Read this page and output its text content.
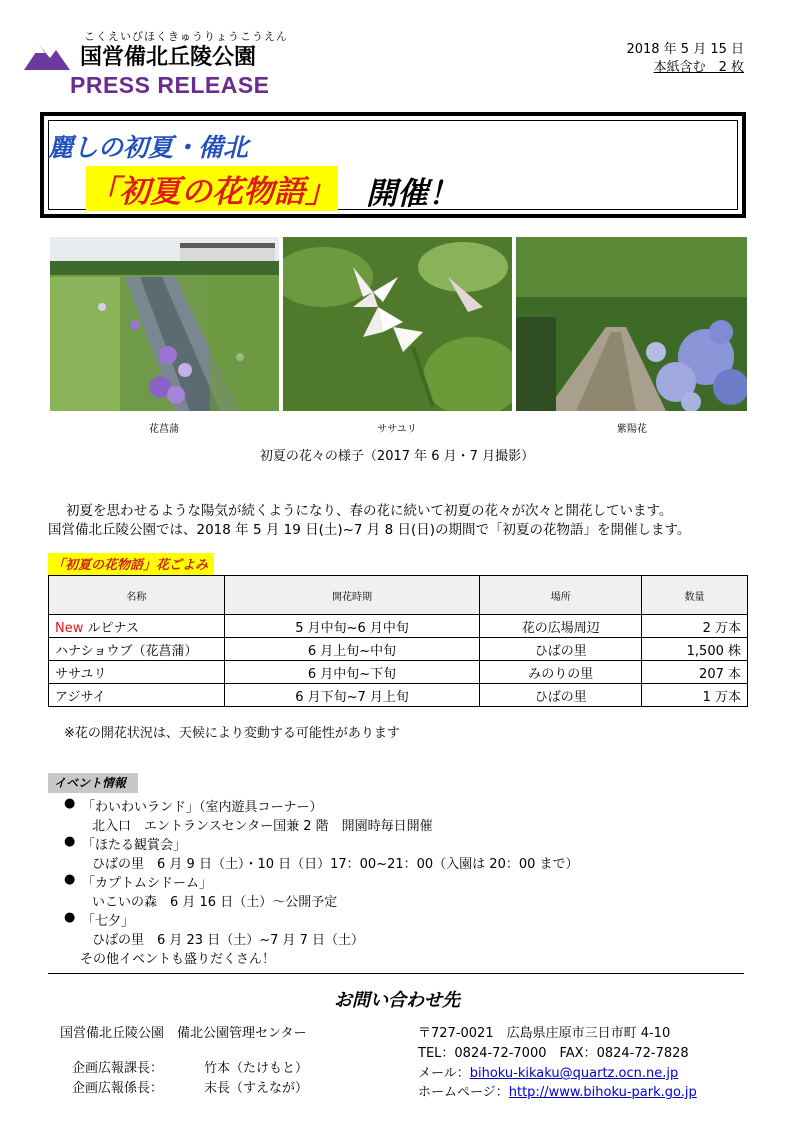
こくえいびほくきゅうりょうこうえん
国営備北丘陵公園
PRESS RELEASE
2018 年 5 月 15 日
本紙含む　2 枚
麗しの初夏・備北
「初夏の花物語」 開催！
花菖蒲	ササユリ	紫陽花
初夏の花々の様子（2017 年 6 月・7 月撮影）
初夏を思わせるような陽気が続くようになり、春の花に続いて初夏の花々が次々と開花しています。
国営備北丘陵公園では、2018 年 5 月 19 日(土)~7 月 8 日(日)の期間で「初夏の花物語」を開催します。
「初夏の花物語」花ごよみ
名称	開花時期	場所	数量
New ルピナス	5 月中旬~6 月中旬	花の広場周辺	2 万本
ハナショウブ（花菖蒲）	6 月上旬~中旬	ひばの里	1,500 株
ササユリ	6 月中旬~下旬	みのりの里	207 本
アジサイ	6 月下旬~7 月上旬	ひばの里	1 万本
※花の開花状況は、天候により変動する可能性があります
イベント情報
● 「わいわいランド」（室内遊具コーナー）
北入口　エントランスセンター国兼 2 階　開園時毎日開催
● 「ほたる観賞会」
ひばの里　6 月 9 日（土）・10 日（日）17：00~21：00（入園は 20：00 まで）
● 「カプトムシドーム」
いこいの森　6 月 16 日（土）～公開予定
● 「七夕」
ひばの里　6 月 23 日（土）~7 月 7 日（土）
その他イベントも盛りだくさん！
お問い合わせ先
国営備北丘陵公園　備北公園管理センター
企画広報課長：	竹本（たけもと）
企画広報係長：	末長（すえなが）
〒727-0021　広島県庄原市三日市町 4-10
TEL：0824-72-7000　FAX：0824-72-7828
メール：bihoku-kikaku@quartz.ocn.ne.jp
ホームページ：http://www.bihoku-park.go.jp
